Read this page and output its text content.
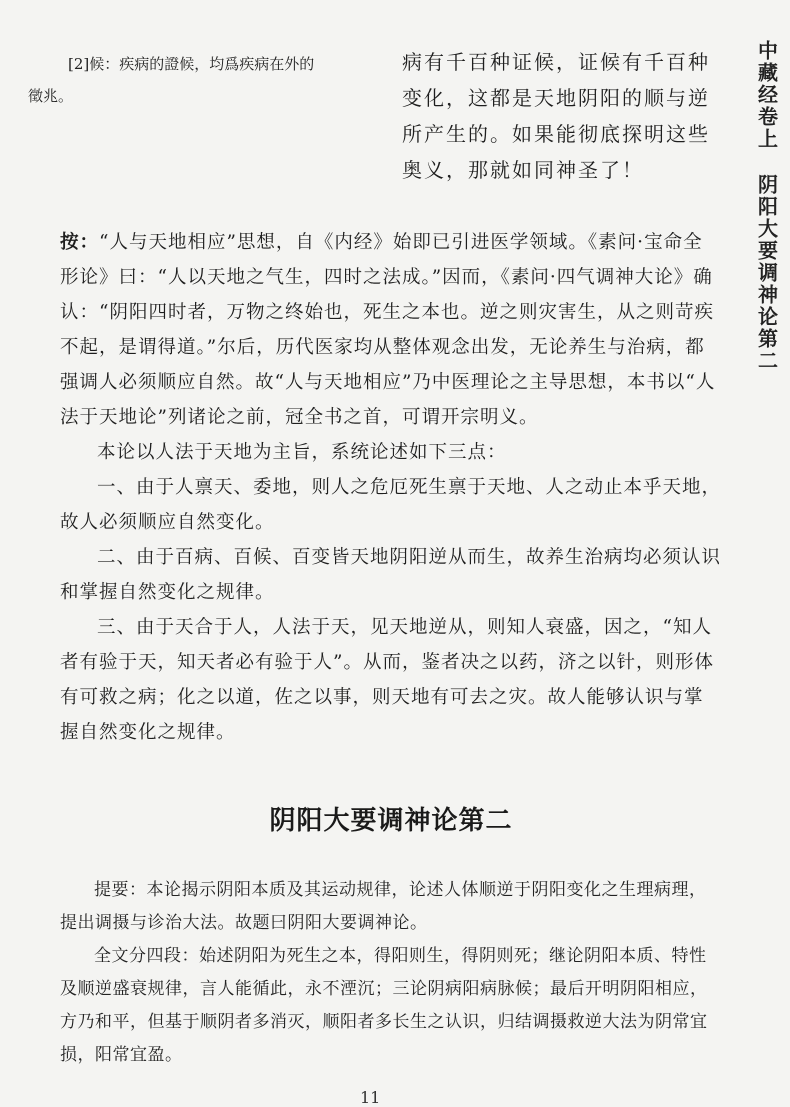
[2]候：疾病的證候，均爲疾病在外的
徵兆。
病有千百种证候，证候有千百种
变化，这都是天地阴阳的顺与逆
所产生的。如果能彻底探明这些
奥义，那就如同神圣了！
中藏经卷上
阴阳大要调神论第二

按：“人与天地相应”思想，自《内经》始即已引进医学领域。《素问·宝命全形论》曰：“人以天地之气生，四时之法成。”因而，《素问·四气调神大论》确认：“阴阳四时者，万物之终始也，死生之本也。逆之则灾害生，从之则苛疾不起，是谓得道。”尔后，历代医家均从整体观念出发，无论养生与治病，都强调人必须顺应自然。故“人与天地相应”乃中医理论之主导思想，本书以“人法于天地论”列诸论之前，冠全书之首，可谓开宗明义。

本论以人法于天地为主旨，系统论述如下三点：

一、由于人禀天、委地，则人之危厄死生禀于天地、人之动止本乎天地，故人必须顺应自然变化。

二、由于百病、百候、百变皆天地阴阳逆从而生，故养生治病均必须认识和掌握自然变化之规律。

三、由于天合于人，人法于天，见天地逆从，则知人衰盛，因之，“知人者有验于天，知天者必有验于人”。从而，鉴者决之以药，济之以针，则形体有可救之病；化之以道，佐之以事，则天地有可去之灾。故人能够认识与掌握自然变化之规律。

阴阳大要调神论第二

提要：本论揭示阴阳本质及其运动规律，论述人体顺逆于阴阳变化之生理病理，提出调摄与诊治大法。故题曰阴阳大要调神论。

全文分四段：始述阴阳为死生之本，得阳则生，得阴则死；继论阴阳本质、特性及顺逆盛衰规律，言人能循此，永不湮沉；三论阴病阳病脉候；最后开明阴阳相应，方乃和平，但基于顺阴者多消灭，顺阳者多长生之认识，归结调摄救逆大法为阴常宜损，阳常宜盈。

11
